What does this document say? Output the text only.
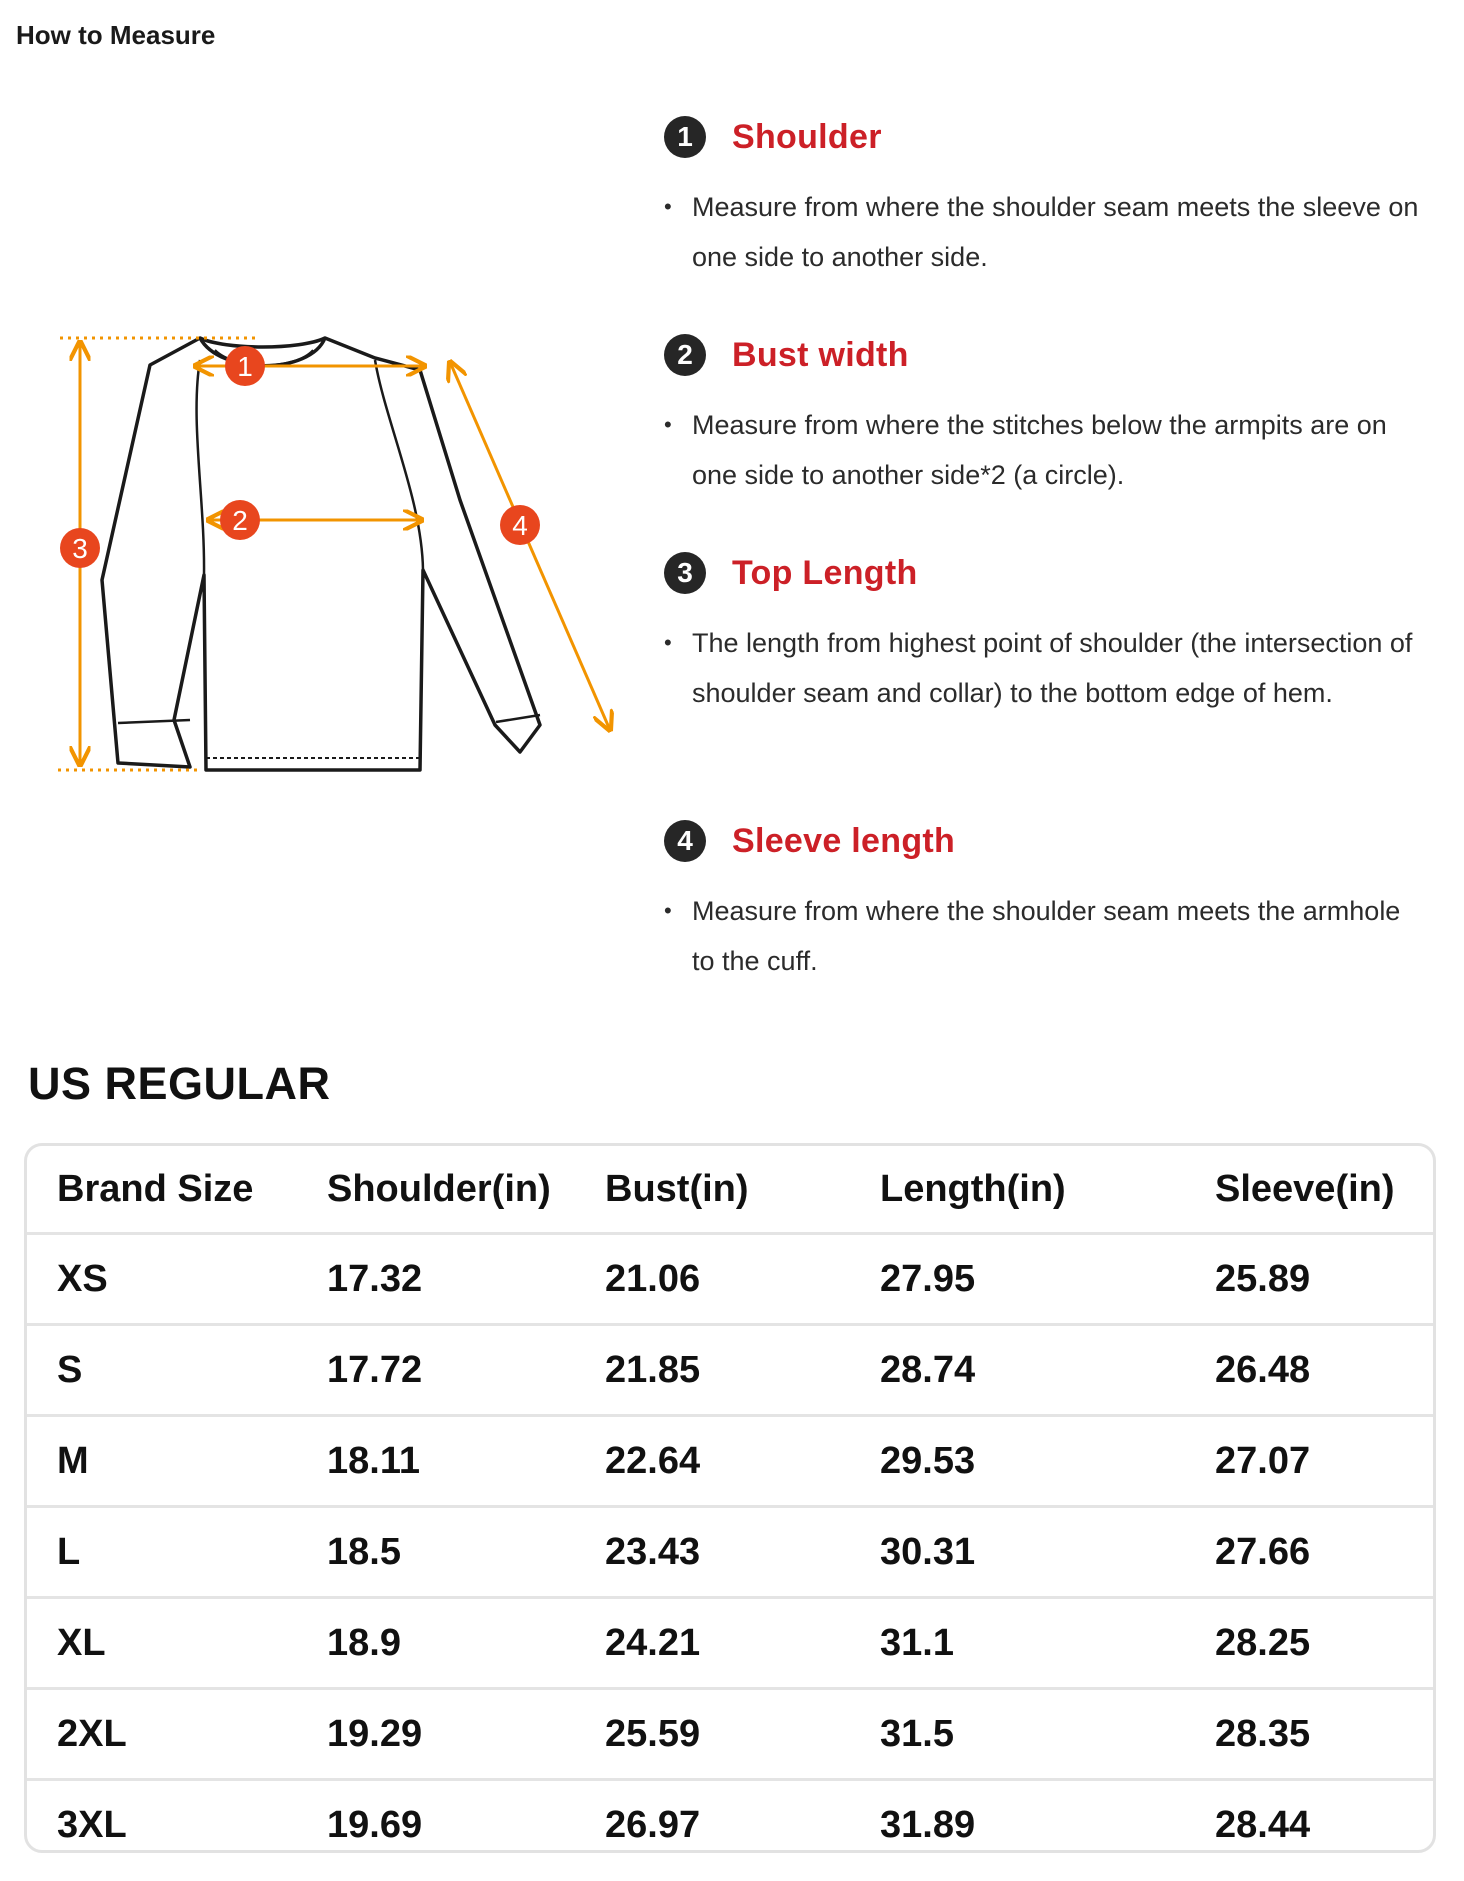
How to Measure
1
2
3
4
1	Shoulder
• Measure from where the shoulder seam meets the sleeve on one side to another side.
2	Bust width
• Measure from where the stitches below the armpits are on one side to another side*2 (a circle).
3	Top Length
• The length from highest point of shoulder (the intersection of shoulder seam and collar) to the bottom edge of hem.
4	Sleeve length
• Measure from where the shoulder seam meets the armhole to the cuff.
US REGULAR
Brand Size	Shoulder(in)	Bust(in)	Length(in)	Sleeve(in)
XS	17.32	21.06	27.95	25.89
S	17.72	21.85	28.74	26.48
M	18.11	22.64	29.53	27.07
L	18.5	23.43	30.31	27.66
XL	18.9	24.21	31.1	28.25
2XL	19.29	25.59	31.5	28.35
3XL	19.69	26.97	31.89	28.44
